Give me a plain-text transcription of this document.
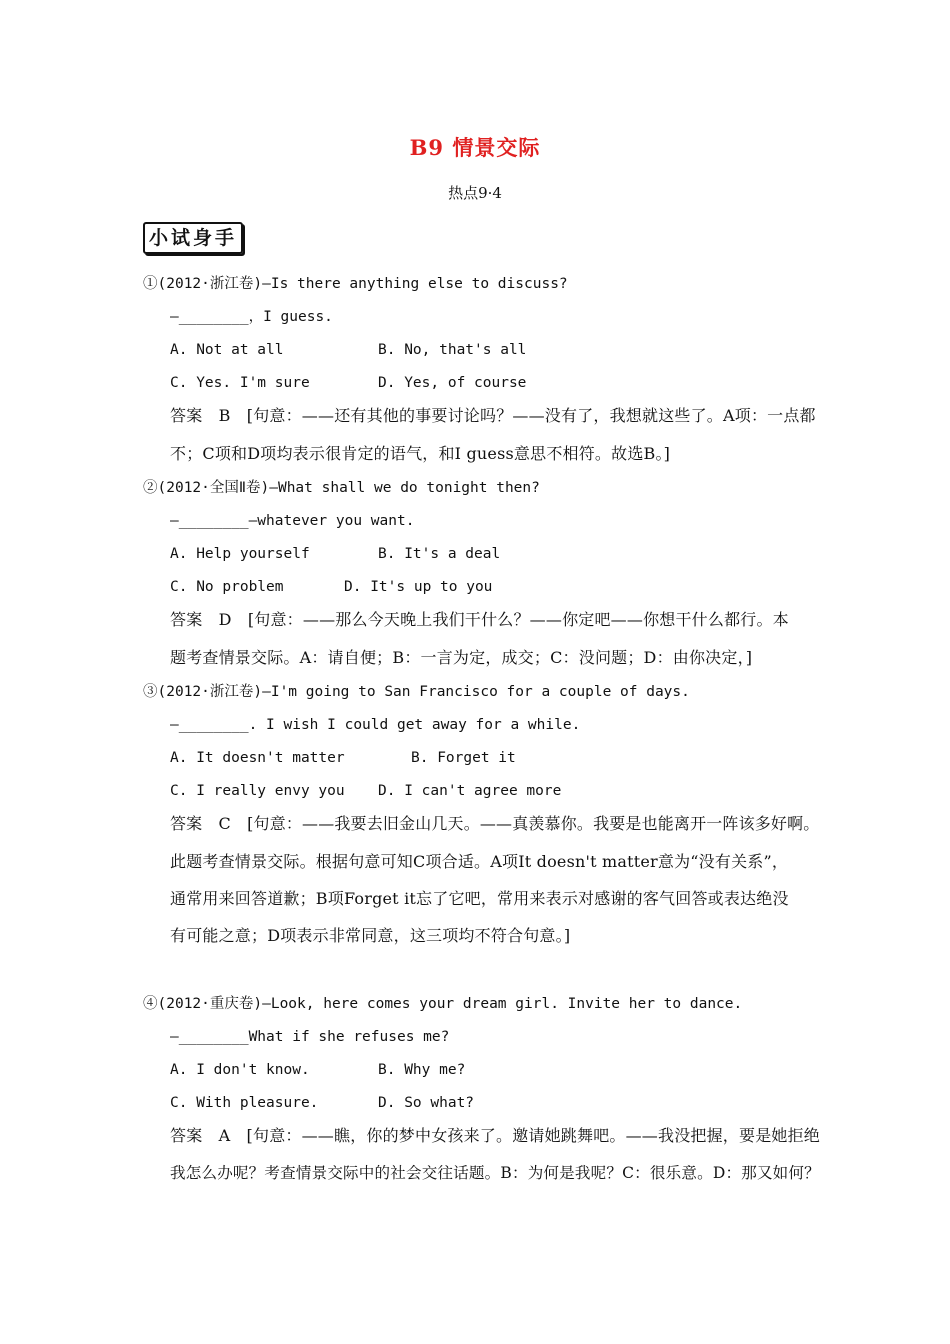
B9 情景交际
热点9·4
小试身手
①(2012·浙江卷)—Is there anything else to discuss?
—________，I guess.
A. Not at all	B. No, that's all
C. Yes. I'm sure	D. Yes, of course
答案　B　[句意：——还有其他的事要讨论吗？——没有了，我想就这些了。A项：一点都
不；C项和D项均表示很肯定的语气，和I guess意思不相符。故选B。]
②(2012·全国Ⅱ卷)—What shall we do tonight then?
—________—whatever you want.
A. Help yourself	B. It's a deal
C. No problem	D. It's up to you
答案　D　[句意：——那么今天晚上我们干什么？——你定吧——你想干什么都行。本
题考查情景交际。A：请自便；B：一言为定，成交；C：没问题；D：由你决定，]
③(2012·浙江卷)—I'm going to San Francisco for a couple of days.
—________. I wish I could get away for a while.
A. It doesn't matter	B. Forget it
C. I really envy you D. I can't agree more
答案　C　[句意：——我要去旧金山几天。——真羡慕你。我要是也能离开一阵该多好啊。
此题考查情景交际。根据句意可知C项合适。A项It doesn't matter意为“没有关系”，
通常用来回答道歉；B项Forget it忘了它吧，常用来表示对感谢的客气回答或表达绝没
有可能之意；D项表示非常同意，这三项均不符合句意。]
④(2012·重庆卷)—Look, here comes your dream girl. Invite her to dance.
—________What if she refuses me?
A. I don't know.	B. Why me?
C. With pleasure.	D. So what?
答案　A　[句意：——瞧，你的梦中女孩来了。邀请她跳舞吧。——我没把握，要是她拒绝
我怎么办呢？考查情景交际中的社会交往话题。B：为何是我呢？C：很乐意。D：那又如何？
